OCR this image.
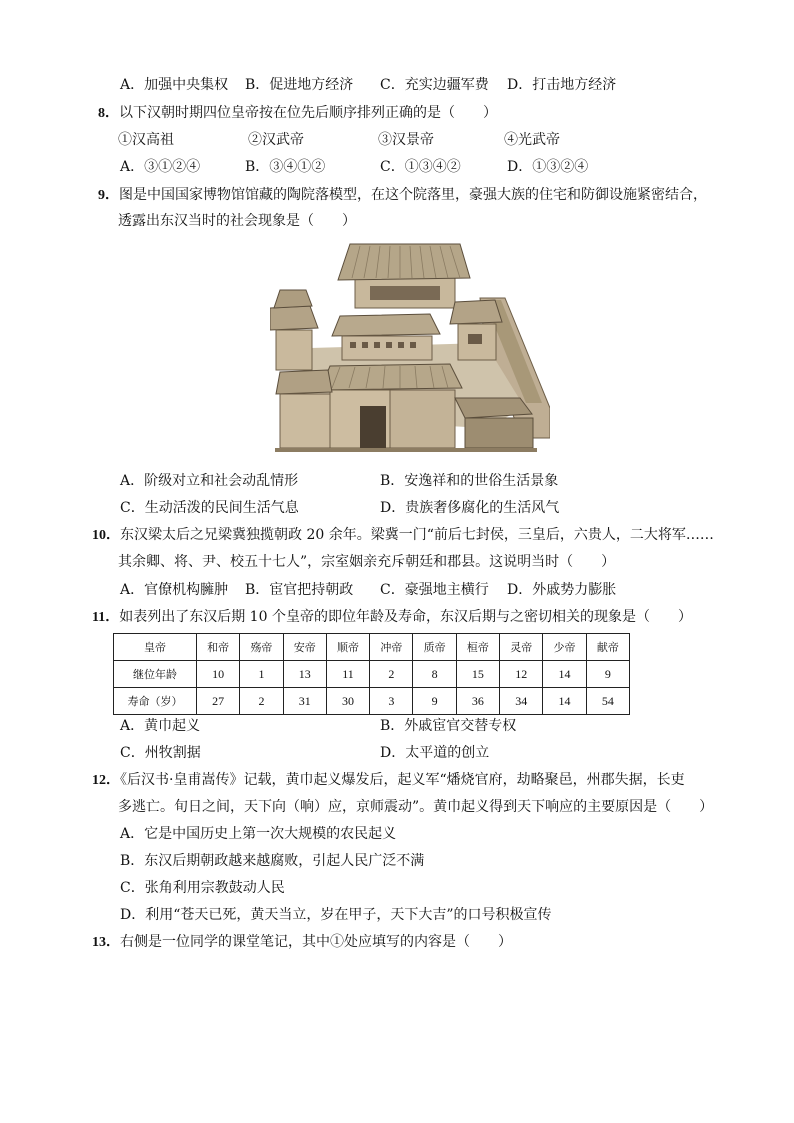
A．加强中央集权 B．促进地方经济 C．充实边疆军费 D．打击地方经济
8．以下汉朝时期四位皇帝按在位先后顺序排列正确的是（　　）
①汉高祖	②汉武帝	③汉景帝	④光武帝
A．③①②④	B．③④①②	C．①③④②	D．①③②④
9．图是中国国家博物馆馆藏的陶院落模型，在这个院落里，豪强大族的住宅和防御设施紧密结合，
透露出东汉当时的社会现象是（　　）
A．阶级对立和社会动乱情形	B．安逸祥和的世俗生活景象
C．生动活泼的民间生活气息	D．贵族奢侈腐化的生活风气
10．东汉梁太后之兄梁冀独揽朝政 20 余年。梁冀一门“前后七封侯，三皇后，六贵人，二大将军……
其余卿、将、尹、校五十七人”，宗室姻亲充斥朝廷和郡县。这说明当时（　　）
A．官僚机构臃肿 B．宦官把持朝政 C．豪强地主横行 D．外戚势力膨胀
11．如表列出了东汉后期 10 个皇帝的即位年龄及寿命，东汉后期与之密切相关的现象是（　　）
皇帝	和帝	殇帝	安帝	顺帝	冲帝	质帝	桓帝	灵帝	少帝	献帝
继位年龄	10	1	13	11	2	8	15	12	14	9
寿命（岁）	27	2	31	30	3	9	36	34	14	54
A．黄巾起义	B．外戚宦官交替专权
C．州牧割据	D．太平道的创立
12．《后汉书·皇甫嵩传》记载，黄巾起义爆发后，起义军“燔烧官府，劫略聚邑，州郡失据，长吏
多逃亡。旬日之间，天下向（响）应，京师震动”。黄巾起义得到天下响应的主要原因是（　　）
A．它是中国历史上第一次大规模的农民起义
B．东汉后期朝政越来越腐败，引起人民广泛不满
C．张角利用宗教鼓动人民
D．利用“苍天已死，黄天当立，岁在甲子，天下大吉”的口号积极宣传
13．右侧是一位同学的课堂笔记，其中①处应填写的内容是（　　）
